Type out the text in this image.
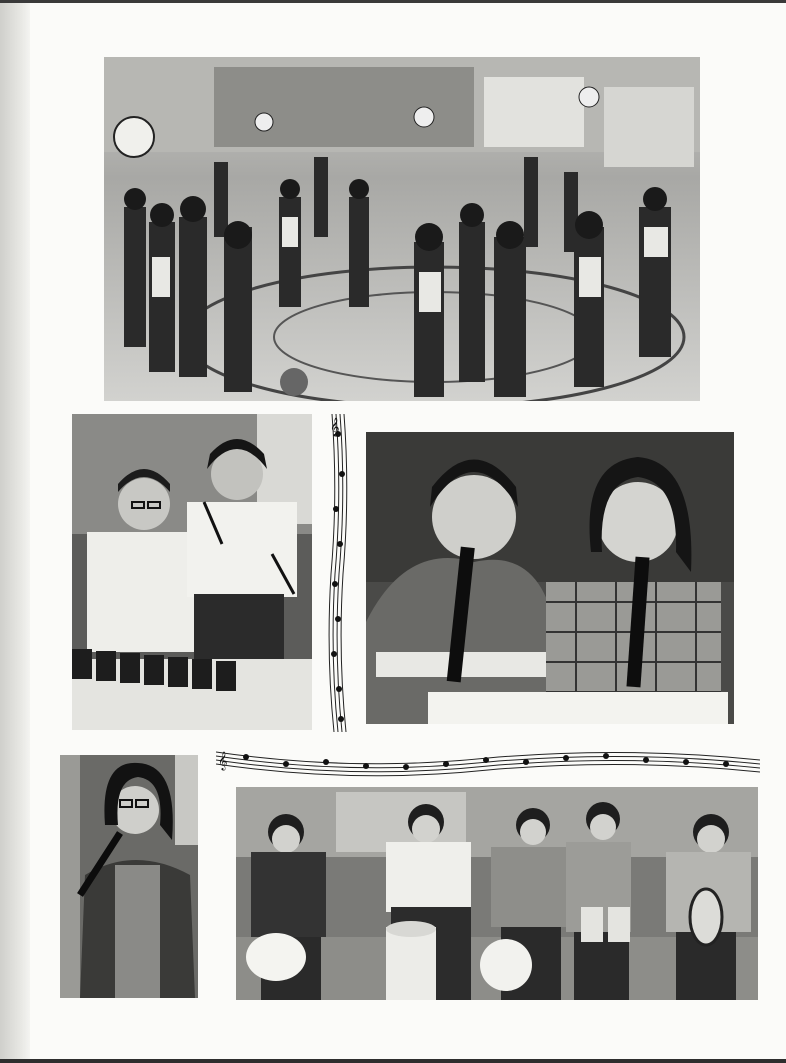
𝄞
𝄞
